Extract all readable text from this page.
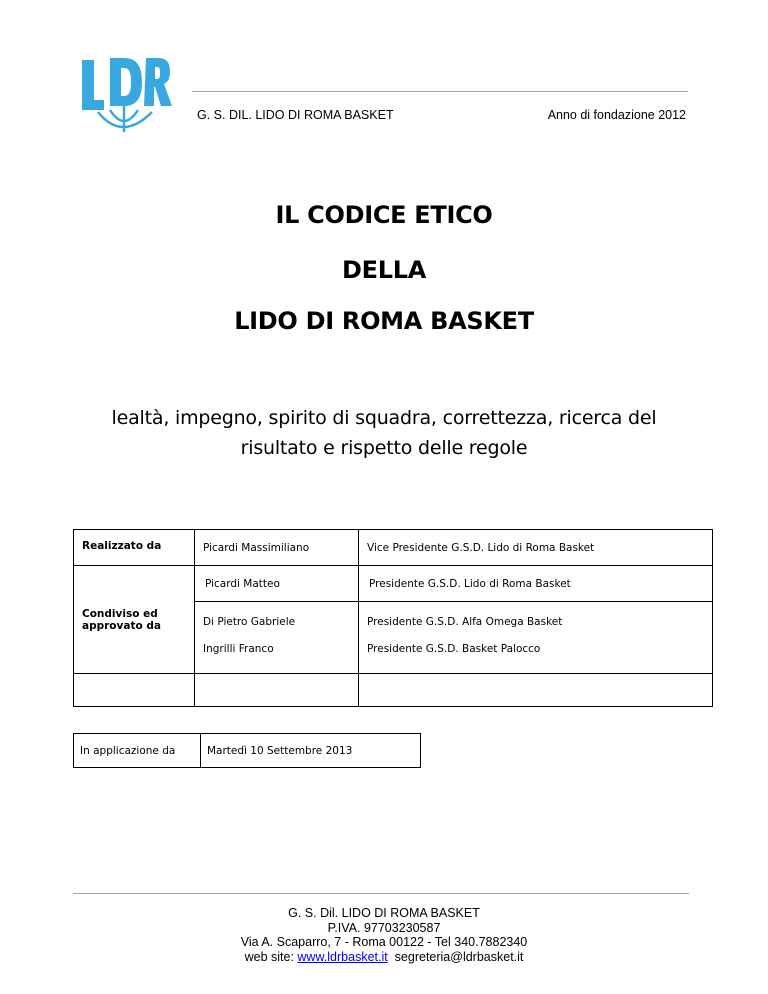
G. S. DIL. LIDO DI ROMA BASKET	Anno di fondazione 2012
IL CODICE ETICO
DELLA
LIDO DI ROMA BASKET
lealtà, impegno, spirito di squadra, correttezza, ricerca del
risultato e rispetto delle regole
Realizzato da	Picardi Massimiliano	Vice Presidente G.S.D. Lido di Roma Basket

Condiviso ed
approvato da	Picardi Matteo	Presidente G.S.D. Lido di Roma Basket

	Di Pietro Gabriele	Presidente G.S.D. Alfa Omega Basket

	Ingrilli Franco	Presidente G.S.D. Basket Palocco

In applicazione da	Martedì 10 Settembre 2013
G. S. Dil. LIDO DI ROMA BASKET
P.IVA. 97703230587
Via A. Scaparro, 7 - Roma 00122 - Tel 340.7882340
web site: www.ldrbasket.it segreteria@ldrbasket.it
